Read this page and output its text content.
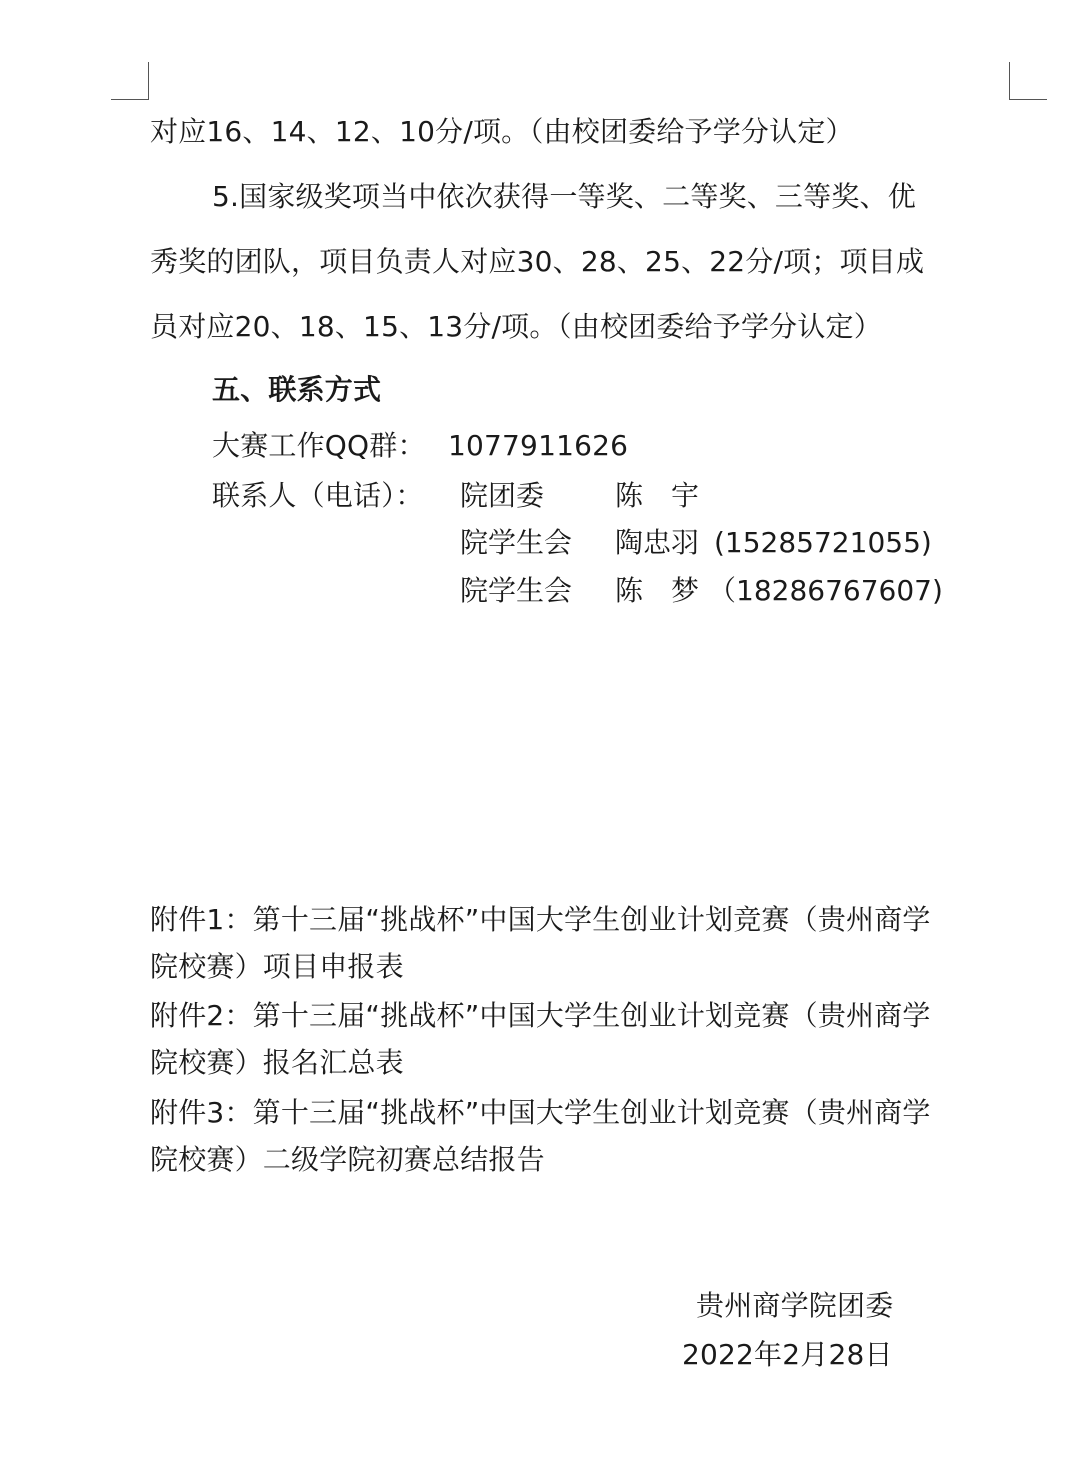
对应16、14、12、10分/项。（由校团委给予学分认定）
5.国家级奖项当中依次获得一等奖、二等奖、三等奖、优
秀奖的团队，项目负责人对应30、28、25、22分/项；项目成
员对应20、18、15、13分/项。（由校团委给予学分认定）
五、联系方式
大赛工作QQ群： 1077911626
联系人（电话）： 院团委	陈　宇
院学生会 陶忠羽 (15285721055)
院学生会 陈　梦 （18286767607)
附件1：第十三届“挑战杯”中国大学生创业计划竞赛（贵州商学
院校赛）项目申报表
附件2：第十三届“挑战杯”中国大学生创业计划竞赛（贵州商学
院校赛）报名汇总表
附件3：第十三届“挑战杯”中国大学生创业计划竞赛（贵州商学
院校赛）二级学院初赛总结报告
贵州商学院团委
2022年2月28日
